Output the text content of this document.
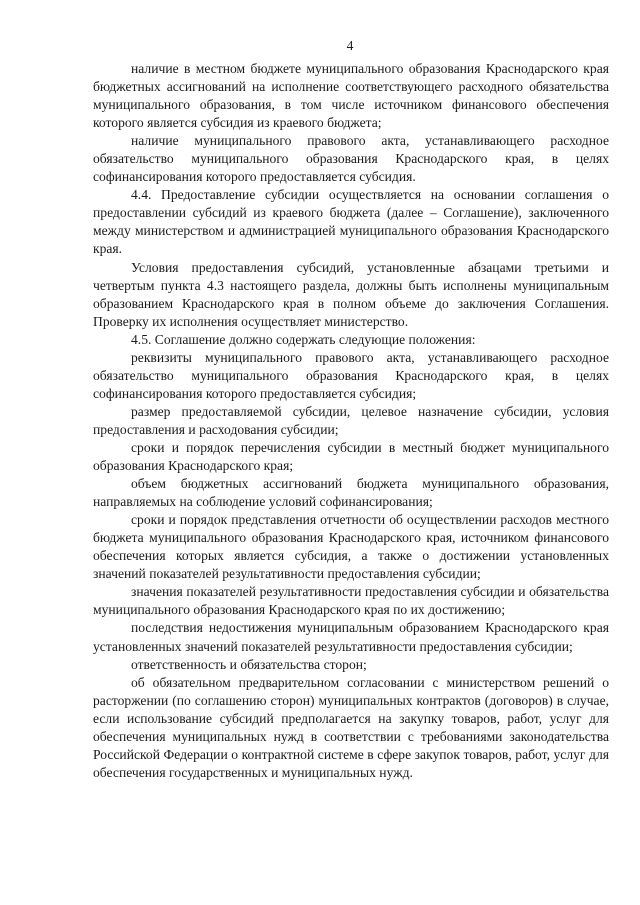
4

наличие в местном бюджете муниципального образования Краснодарского края бюджетных ассигнований на исполнение соответствующего расходного обязательства муниципального образования, в том числе источником финансового обеспечения которого является субсидия из краевого бюджета;

наличие муниципального правового акта, устанавливающего расходное обязательство муниципального образования Краснодарского края, в целях софинансирования которого предоставляется субсидия.

4.4. Предоставление субсидии осуществляется на основании соглашения о предоставлении субсидий из краевого бюджета (далее – Соглашение), заключенного между министерством и администрацией муниципального образования Краснодарского края.

Условия предоставления субсидий, установленные абзацами третьими и четвертым пункта 4.3 настоящего раздела, должны быть исполнены муниципальным образованием Краснодарского края в полном объеме до заключения Соглашения. Проверку их исполнения осуществляет министерство.

4.5. Соглашение должно содержать следующие положения:

реквизиты муниципального правового акта, устанавливающего расходное обязательство муниципального образования Краснодарского края, в целях софинансирования которого предоставляется субсидия;

размер предоставляемой субсидии, целевое назначение субсидии, условия предоставления и расходования субсидии;

сроки и порядок перечисления субсидии в местный бюджет муниципального образования Краснодарского края;

объем бюджетных ассигнований бюджета муниципального образования, направляемых на соблюдение условий софинансирования;

сроки и порядок представления отчетности об осуществлении расходов местного бюджета муниципального образования Краснодарского края, источником финансового обеспечения которых является субсидия, а также о достижении установленных значений показателей результативности предоставления субсидии;

значения показателей результативности предоставления субсидии и обязательства муниципального образования Краснодарского края по их достижению;

последствия недостижения муниципальным образованием Краснодарского края установленных значений показателей результативности предоставления субсидии;

ответственность и обязательства сторон;

об обязательном предварительном согласовании с министерством решений о расторжении (по соглашению сторон) муниципальных контрактов (договоров) в случае, если использование субсидий предполагается на закупку товаров, работ, услуг для обеспечения муниципальных нужд в соответствии с требованиями законодательства Российской Федерации о контрактной системе в сфере закупок товаров, работ, услуг для обеспечения государственных и муниципальных нужд.
